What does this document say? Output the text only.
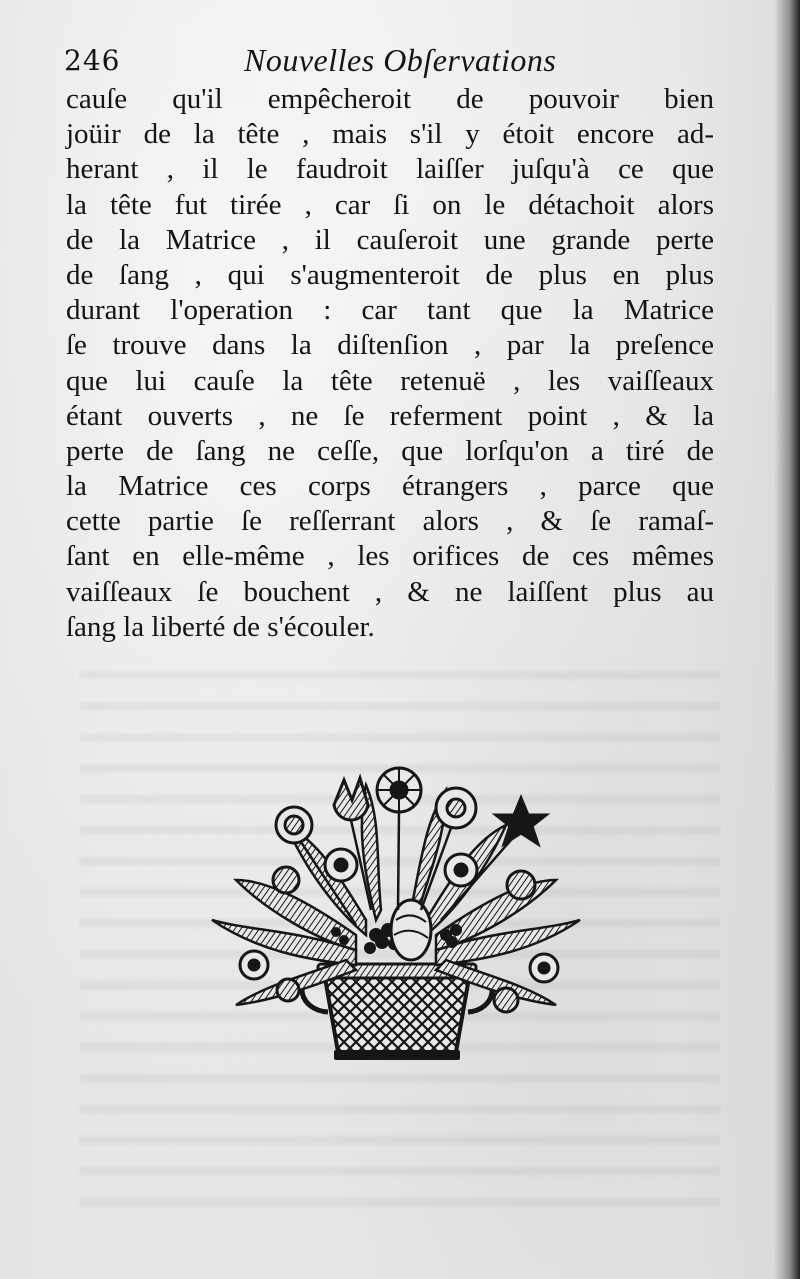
246	Nouvelles Obſervations
cauſe qu'il empêcheroit de pouvoir bien
joüir de la tête , mais s'il y étoit encore ad-
herant , il le faudroit laiſſer juſqu'à ce que
la tête fut tirée , car ſi on le détachoit alors
de la Matrice , il cauſeroit une grande perte
de ſang , qui s'augmenteroit de plus en plus
durant l'operation : car tant que la Matrice
ſe trouve dans la diſtenſion , par la preſence
que lui cauſe la tête retenuë , les vaiſſeaux
étant ouverts , ne ſe referment point , & la
perte de ſang ne ceſſe, que lorſqu'on a tiré de
la Matrice ces corps étrangers , parce que
cette partie ſe reſſerrant alors , & ſe ramaſ-
ſant en elle-même , les orifices de ces mêmes
vaiſſeaux ſe bouchent , & ne laiſſent plus au
ſang la liberté de s'écouler.
